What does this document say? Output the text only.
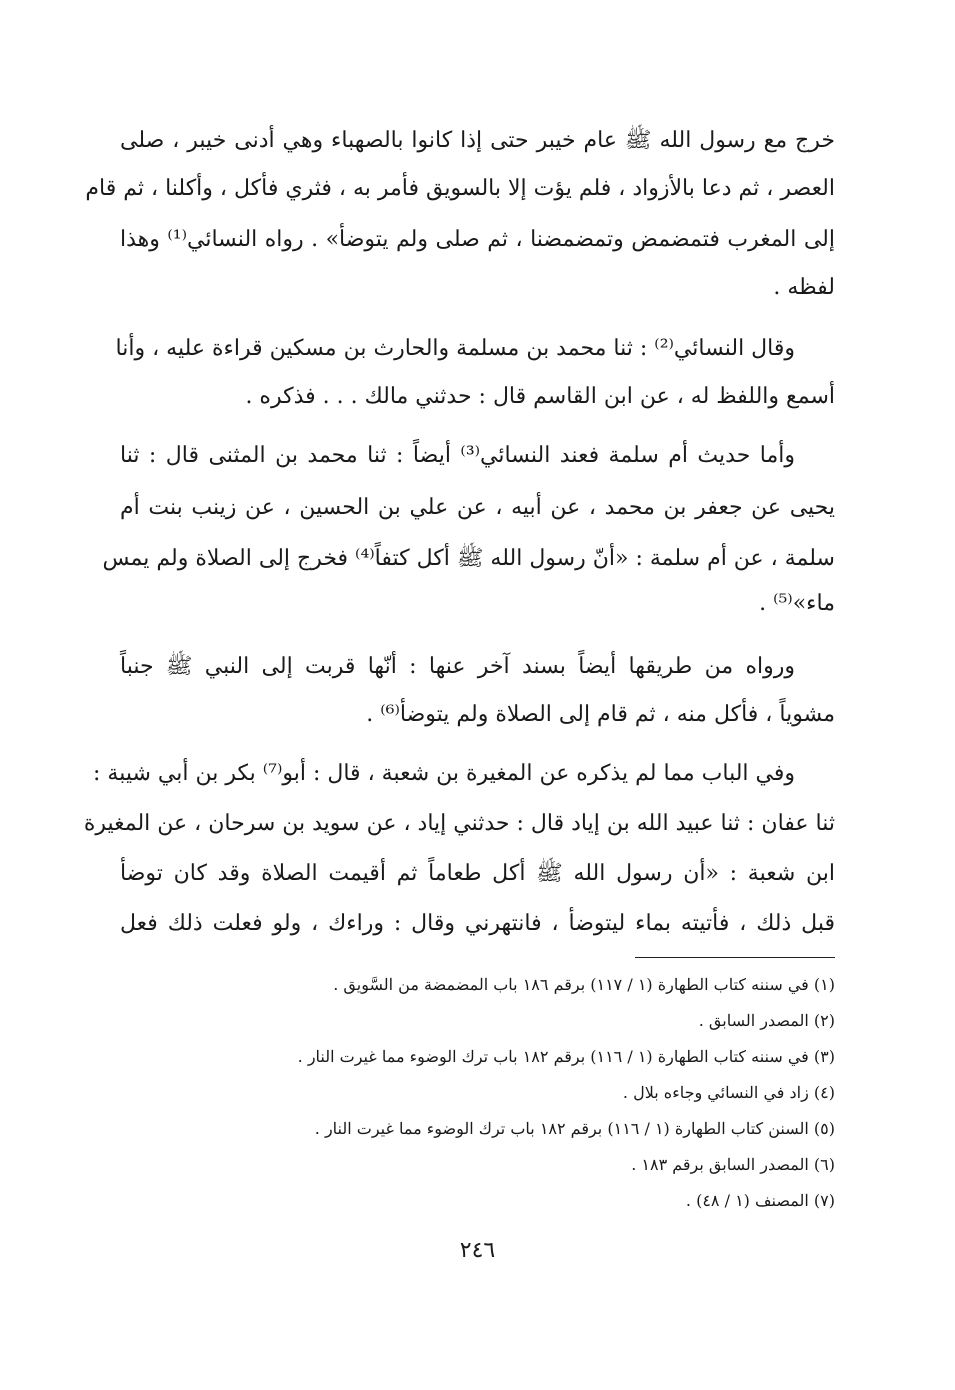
خرج مع رسول الله ﷺ عام خيبر حتى إذا كانوا بالصهباء وهي أدنى خيبر ، صلى
العصر ، ثم دعا بالأزواد ، فلم يؤت إلا بالسويق فأمر به ، فثري فأكل ، وأكلنا ، ثم قام
إلى المغرب فتمضمض وتمضمضنا ، ثم صلى ولم يتوضأ» . رواه النسائي⁽¹⁾ وهذا
لفظه .
وقال النسائي⁽²⁾ : ثنا محمد بن مسلمة والحارث بن مسكين قراءة عليه ، وأنا
أسمع واللفظ له ، عن ابن القاسم قال : حدثني مالك . . . فذكره .
وأما حديث أم سلمة فعند النسائي⁽³⁾ أيضاً : ثنا محمد بن المثنى قال : ثنا
يحيى عن جعفر بن محمد ، عن أبيه ، عن علي بن الحسين ، عن زينب بنت أم
سلمة ، عن أم سلمة : «أنّ رسول الله ﷺ أكل كتفاً⁽⁴⁾ فخرج إلى الصلاة ولم يمس
ماء»⁽⁵⁾ .
ورواه من طريقها أيضاً بسند آخر عنها : أنّها قربت إلى النبي ﷺ جنباً
مشوياً ، فأكل منه ، ثم قام إلى الصلاة ولم يتوضأ⁽⁶⁾ .
وفي الباب مما لم يذكره عن المغيرة بن شعبة ، قال : أبو⁽⁷⁾ بكر بن أبي شيبة :
ثنا عفان : ثنا عبيد الله بن إياد قال : حدثني إياد ، عن سويد بن سرحان ، عن المغيرة
ابن شعبة : «أن رسول الله ﷺ أكل طعاماً ثم أقيمت الصلاة وقد كان توضأ
قبل ذلك ، فأتيته بماء ليتوضأ ، فانتهرني وقال : وراءك ، ولو فعلت ذلك فعل
(١) في سننه كتاب الطهارة (١ / ١١٧) برقم ١٨٦ باب المضمضة من السَّويق .
(٢) المصدر السابق .
(٣) في سننه كتاب الطهارة (١ / ١١٦) برقم ١٨٢ باب ترك الوضوء مما غيرت النار .
(٤) زاد في النسائي وجاءه بلال .
(٥) السنن كتاب الطهارة (١ / ١١٦) برقم ١٨٢ باب ترك الوضوء مما غيرت النار .
(٦) المصدر السابق برقم ١٨٣ .
(٧) المصنف (١ / ٤٨) .
٢٤٦
